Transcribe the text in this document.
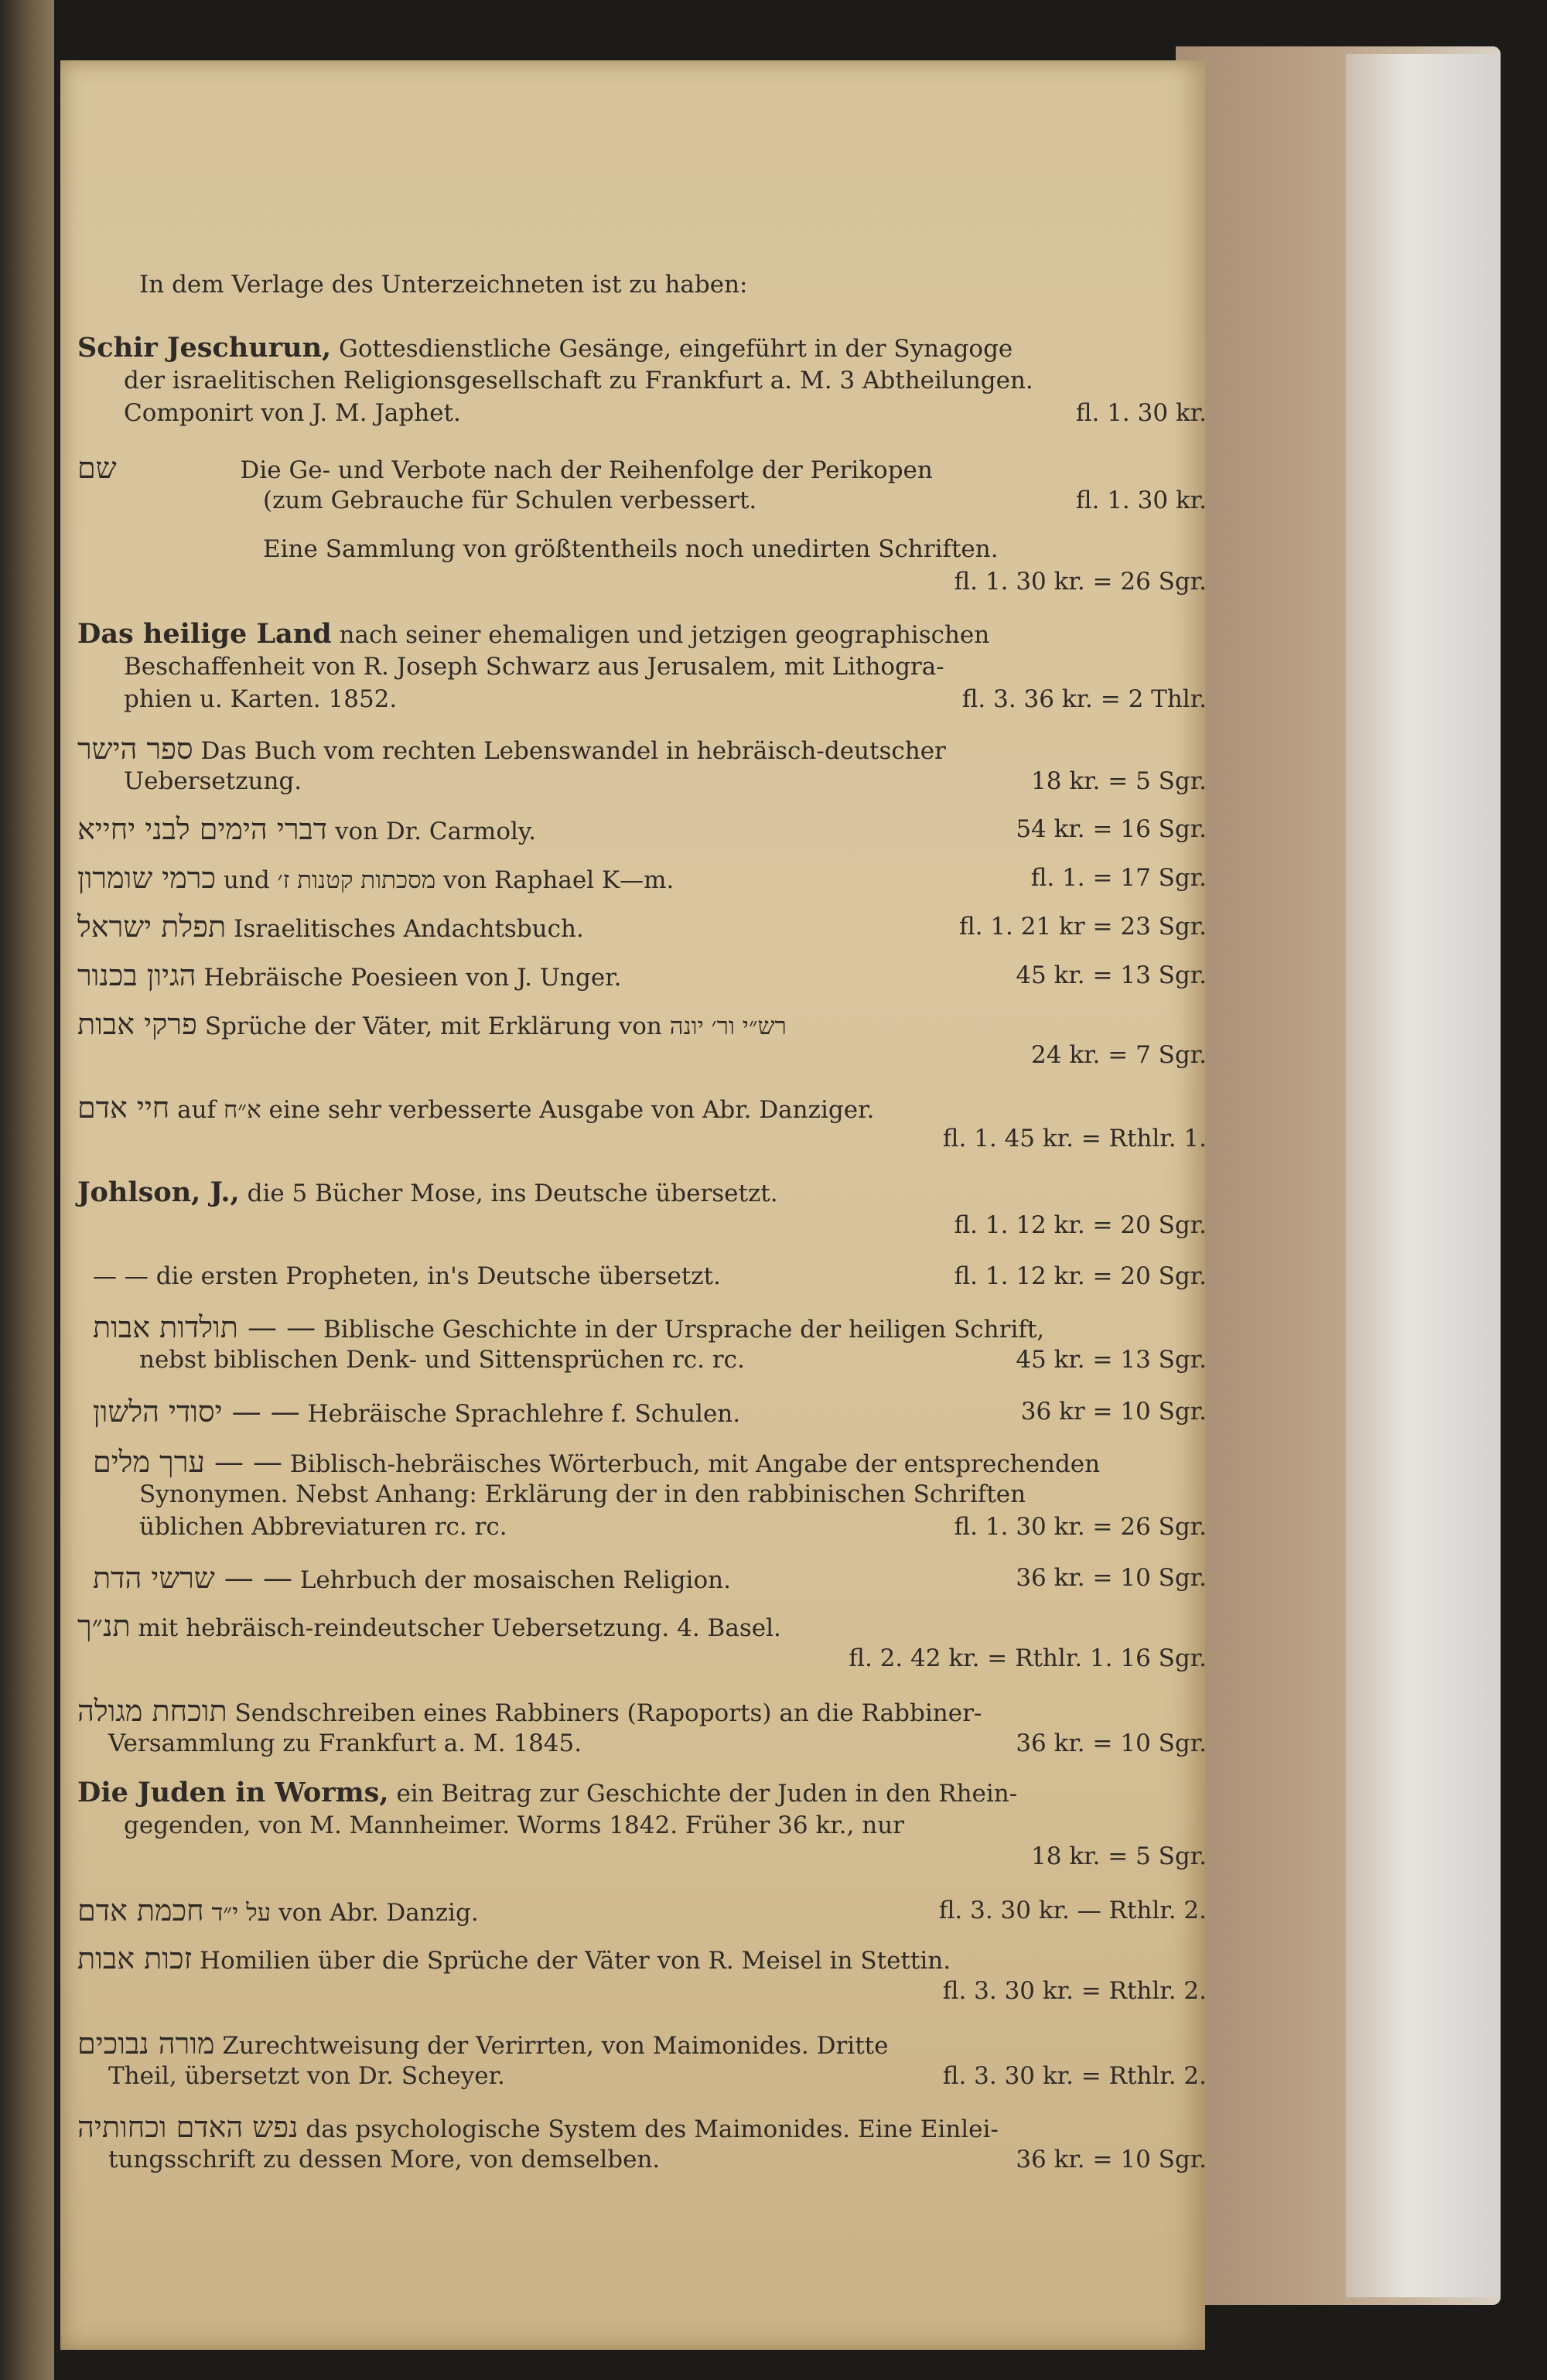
In dem Verlage des Unterzeichneten ist zu haben:
Schir Jeschurun, Gottesdienstliche Gesänge, eingeführt in der Synagoge
der israelitischen Religionsgesellschaft zu Frankfurt a. M. 3 Abtheilungen.
Componirt von J. M. Japhet.	fl. 1. 30 kr.
שם	Die Ge- und Verbote nach der Reihenfolge der Perikopen
(zum Gebrauche für Schulen verbessert.	fl. 1. 30 kr.
Eine Sammlung von größtentheils noch unedirten Schriften.
fl. 1. 30 kr. = 26 Sgr.
Das heilige Land nach seiner ehemaligen und jetzigen geographischen
Beschaffenheit von R. Joseph Schwarz aus Jerusalem, mit Lithogra-
phien u. Karten. 1852.	fl. 3. 36 kr. = 2 Thlr.
ספר הישר Das Buch vom rechten Lebenswandel in hebräisch-deutscher
Uebersetzung.	18 kr. = 5 Sgr.
דברי הימים לבני יחייא von Dr. Carmoly.	54 kr. = 16 Sgr.
כרמי שומרון und מסכתות קטנות ז׳ von Raphael K—m.	fl. 1. = 17 Sgr.
תפלת ישראל Israelitisches Andachtsbuch.	fl. 1. 21 kr = 23 Sgr.
הגיון בכנור Hebräische Poesieen von J. Unger.	45 kr. = 13 Sgr.
פרקי אבות Sprüche der Väter, mit Erklärung von רש״י ור׳ יונה
24 kr. = 7 Sgr.
חיי אדם auf א״ח eine sehr verbesserte Ausgabe von Abr. Danziger.
fl. 1. 45 kr. = Rthlr. 1.
Johlson, J., die 5 Bücher Mose, ins Deutsche übersetzt.
fl. 1. 12 kr. = 20 Sgr.
— — die ersten Propheten, in's Deutsche übersetzt.	fl. 1. 12 kr. = 20 Sgr.
— — תולדות אבות Biblische Geschichte in der Ursprache der heiligen Schrift,
nebst biblischen Denk- und Sittensprüchen rc. rc.	45 kr. = 13 Sgr.
— — יסודי הלשון Hebräische Sprachlehre f. Schulen.	36 kr = 10 Sgr.
— — ערך מלים Biblisch-hebräisches Wörterbuch, mit Angabe der entsprechenden
Synonymen. Nebst Anhang: Erklärung der in den rabbinischen Schriften
üblichen Abbreviaturen rc. rc.	fl. 1. 30 kr. = 26 Sgr.
— — שרשי הדת Lehrbuch der mosaischen Religion.	36 kr. = 10 Sgr.
תנ״ך mit hebräisch-reindeutscher Uebersetzung. 4. Basel.
fl. 2. 42 kr. = Rthlr. 1. 16 Sgr.
תוכחת מגולה Sendschreiben eines Rabbiners (Rapoports) an die Rabbiner-
Versammlung zu Frankfurt a. M. 1845.	36 kr. = 10 Sgr.
Die Juden in Worms, ein Beitrag zur Geschichte der Juden in den Rhein-
gegenden, von M. Mannheimer. Worms 1842. Früher 36 kr., nur
18 kr. = 5 Sgr.
חכמת אדם על י״ד von Abr. Danzig.	fl. 3. 30 kr. — Rthlr. 2.
זכות אבות Homilien über die Sprüche der Väter von R. Meisel in Stettin.
fl. 3. 30 kr. = Rthlr. 2.
מורה נבוכים Zurechtweisung der Verirrten, von Maimonides. Dritte
Theil, übersetzt von Dr. Scheyer.	fl. 3. 30 kr. = Rthlr. 2.
נפש האדם וכחותיה das psychologische System des Maimonides. Eine Einlei-
tungsschrift zu dessen More, von demselben.	36 kr. = 10 Sgr.
